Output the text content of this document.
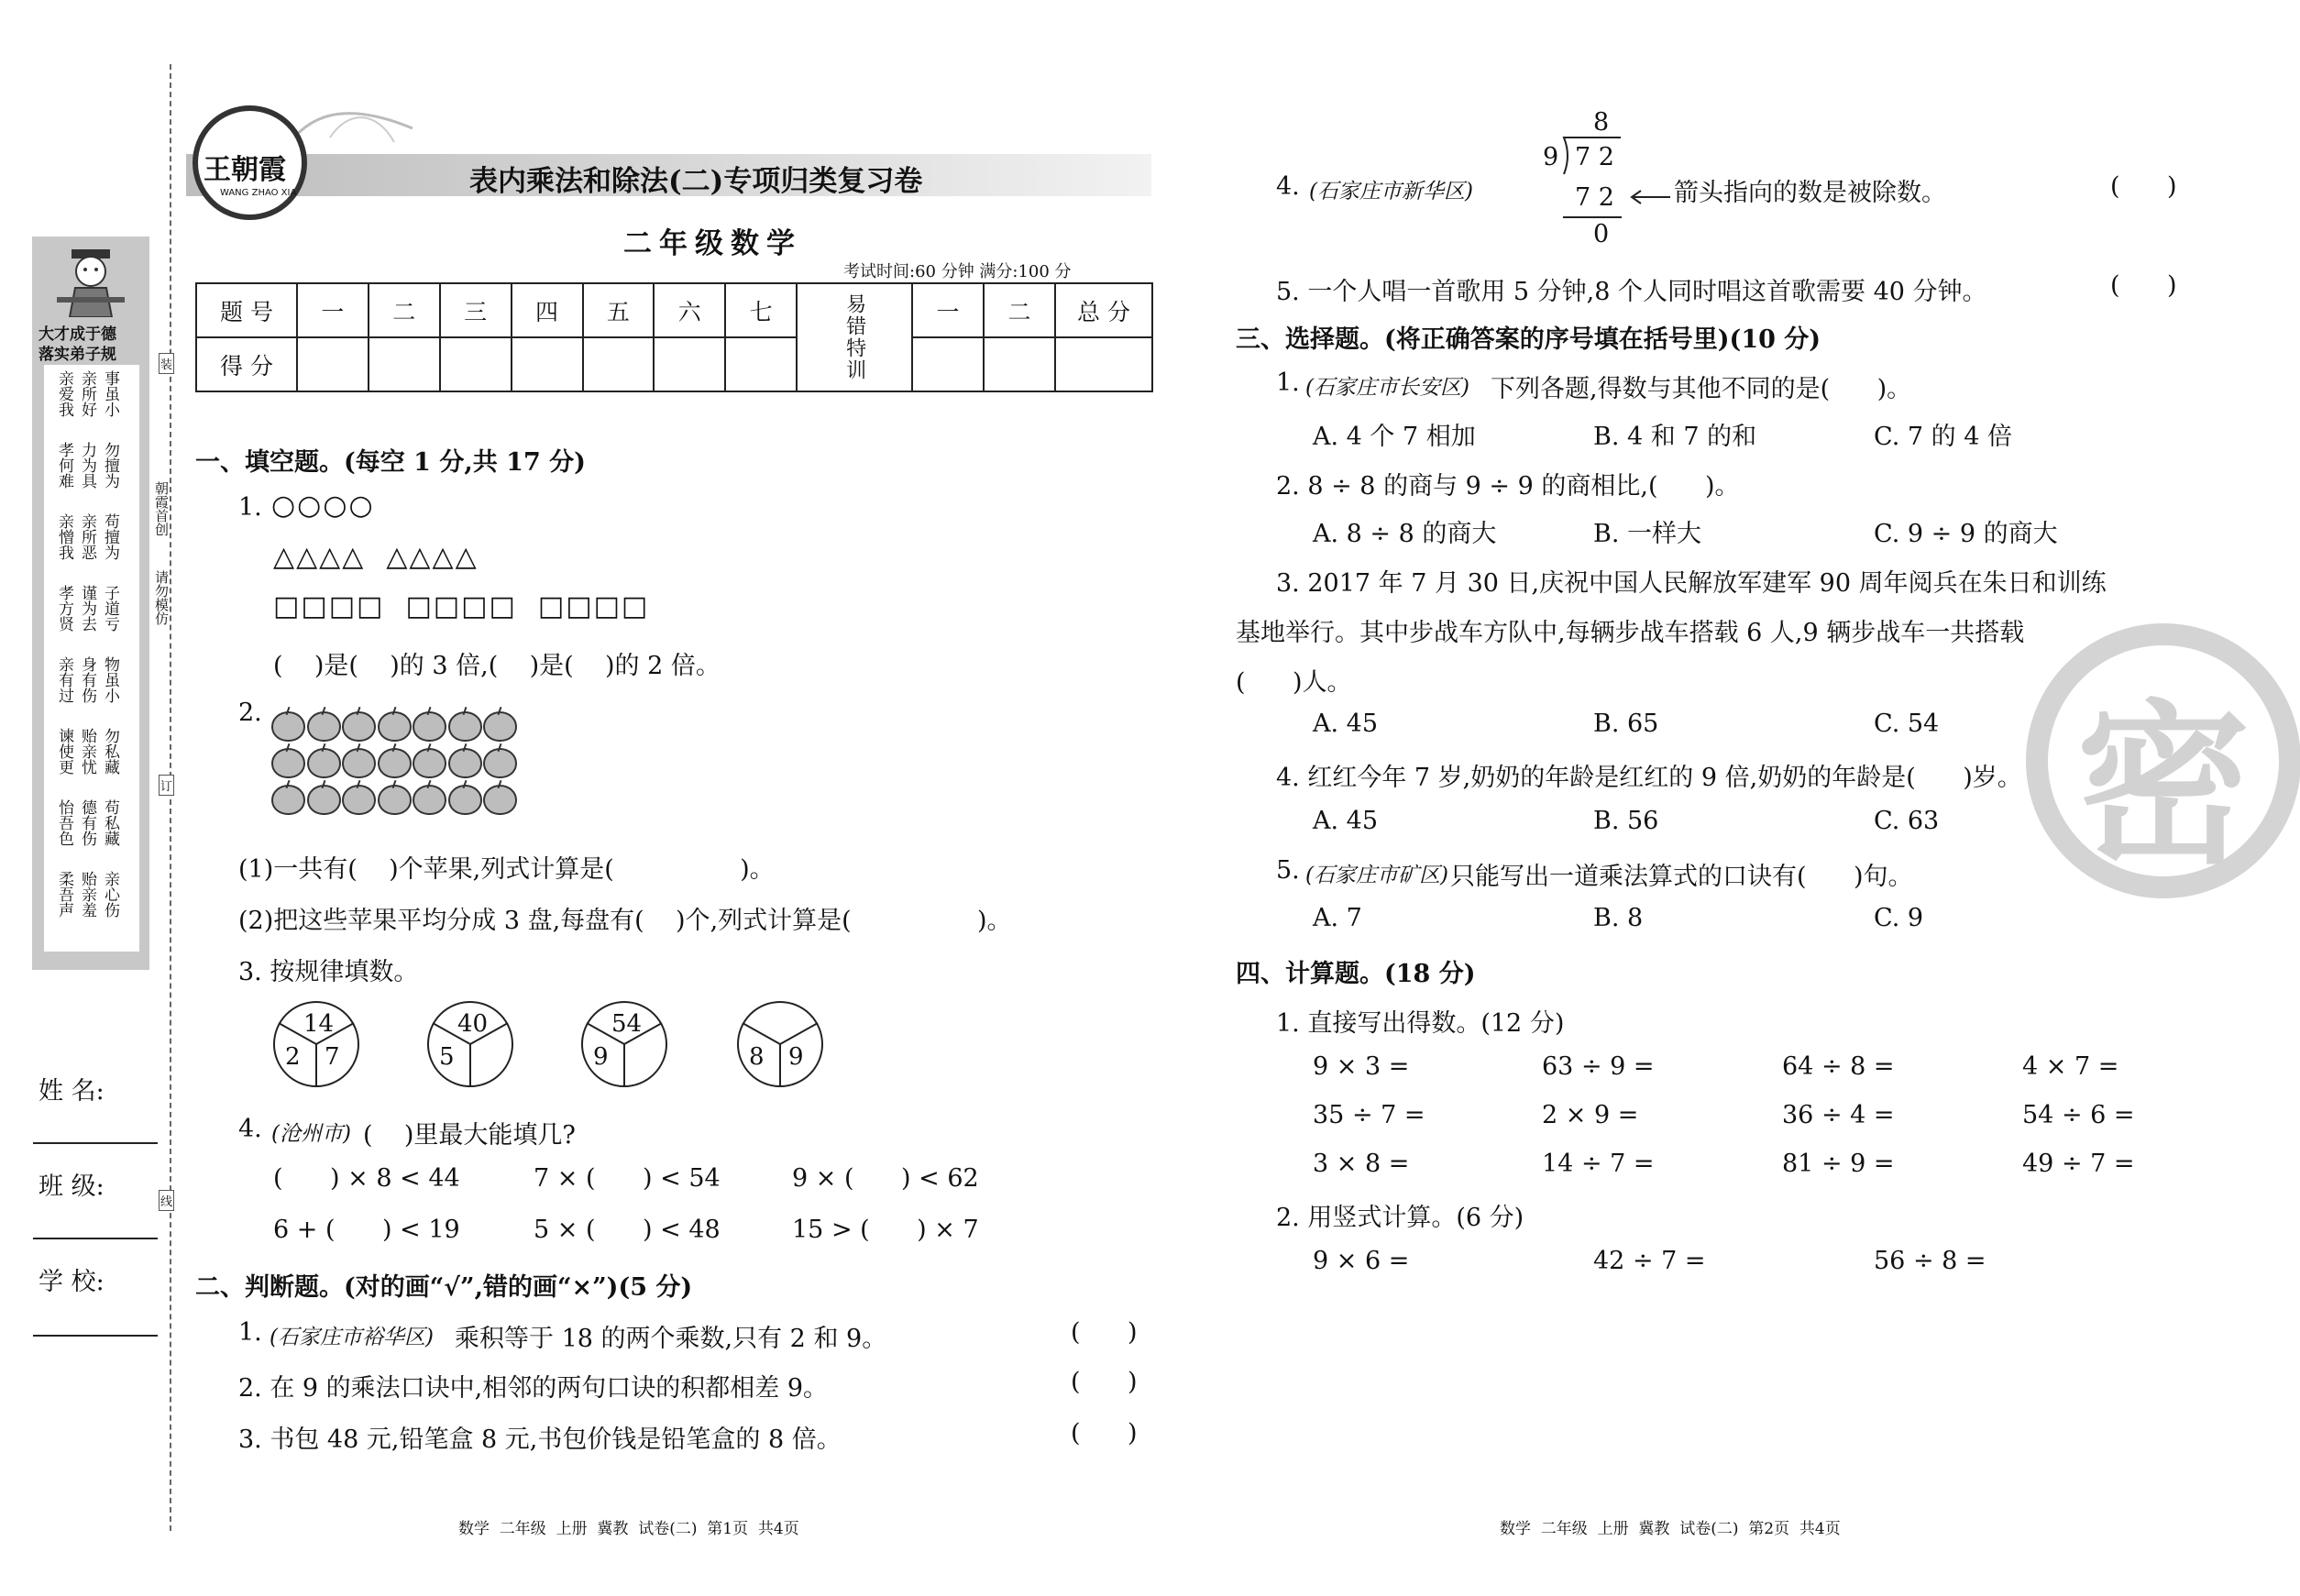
大才成于德
落实弟子规
亲爱我 亲所好 事虽小
孝何难 力为具 勿擅为
亲憎我 亲所恶 苟擅为
孝方贤 谨为去 子道亏
亲有过 身有伤 物虽小
谏使更 贻亲忧 勿私藏
怡吾色 德有伤 苟私藏
柔吾声 贻亲羞 亲心伤
朝霞首创
请勿模仿
装
订
线
姓 名:
班 级:
学 校:
王朝霞
WANG ZHAO XIA	表内乘法和除法(二)专项归类复习卷
二年级数学
考试时间:60 分钟 满分:100 分
题 号	一	二	三	四	五	六	七	易错特训	一	二	总 分
得 分											
一、填空题。(每空 1 分,共 17 分)
1. ○○○○
△△△△  △△△△
□□□□  □□□□  □□□□
(    )是(    )的 3 倍,(    )是(    )的 2 倍。
2.
(1)一共有(    )个苹果,列式计算是(                )。
(2)把这些苹果平均分成 3 盘,每盘有(    )个,列式计算是(                )。
3. 按规律填数。
14
2 7
40
5
54
9	8 9
4. (沧州市) (    )里最大能填几?
(      ) × 8 < 44	7 × (      ) < 54	9 × (      ) < 62
6 + (      ) < 19	5 × (      ) < 48	15 > (      ) × 7
二、判断题。(对的画“√”,错的画“×”)(5 分)
1. (石家庄市裕华区) 乘积等于 18 的两个乘数,只有 2 和 9。	(      )
2. 在 9 的乘法口诀中,相邻的两句口诀的积都相差 9。	(      )
3. 书包 48 元,铅笔盒 8 元,书包价钱是铅笔盒的 8 倍。	(      )
8
9 7 2
4. (石家庄市新华区)	7 2
0
箭头指向的数是被除数。	(      )
5. 一个人唱一首歌用 5 分钟,8 个人同时唱这首歌需要 40 分钟。	(      )
三、选择题。(将正确答案的序号填在括号里)(10 分)
1. (石家庄市长安区) 下列各题,得数与其他不同的是(      )。
A. 4 个 7 相加	B. 4 和 7 的和	C. 7 的 4 倍
2. 8 ÷ 8 的商与 9 ÷ 9 的商相比,(      )。
A. 8 ÷ 8 的商大	B. 一样大	C. 9 ÷ 9 的商大
3. 2017 年 7 月 30 日,庆祝中国人民解放军建军 90 周年阅兵在朱日和训练
基地举行。其中步战车方队中,每辆步战车搭载 6 人,9 辆步战车一共搭载
(      )人。
A. 45	B. 65	C. 54 密
4. 红红今年 7 岁,奶奶的年龄是红红的 9 倍,奶奶的年龄是(      )岁。
A. 45	B. 56	C. 63
5. (石家庄市矿区) 只能写出一道乘法算式的口诀有(      )句。
A. 7	B. 8	C. 9
四、计算题。(18 分)
1. 直接写出得数。(12 分)
9 × 3 =	63 ÷ 9 =	64 ÷ 8 =	4 × 7 =
35 ÷ 7 =	2 × 9 =	36 ÷ 4 =	54 ÷ 6 =
3 × 8 =	14 ÷ 7 =	81 ÷ 9 =	49 ÷ 7 =
2. 用竖式计算。(6 分)
9 × 6 =	42 ÷ 7 =	56 ÷ 8 =
数学  二年级  上册  冀教  试卷(二)  第1页  共4页	数学  二年级  上册  冀教  试卷(二)  第2页  共4页
